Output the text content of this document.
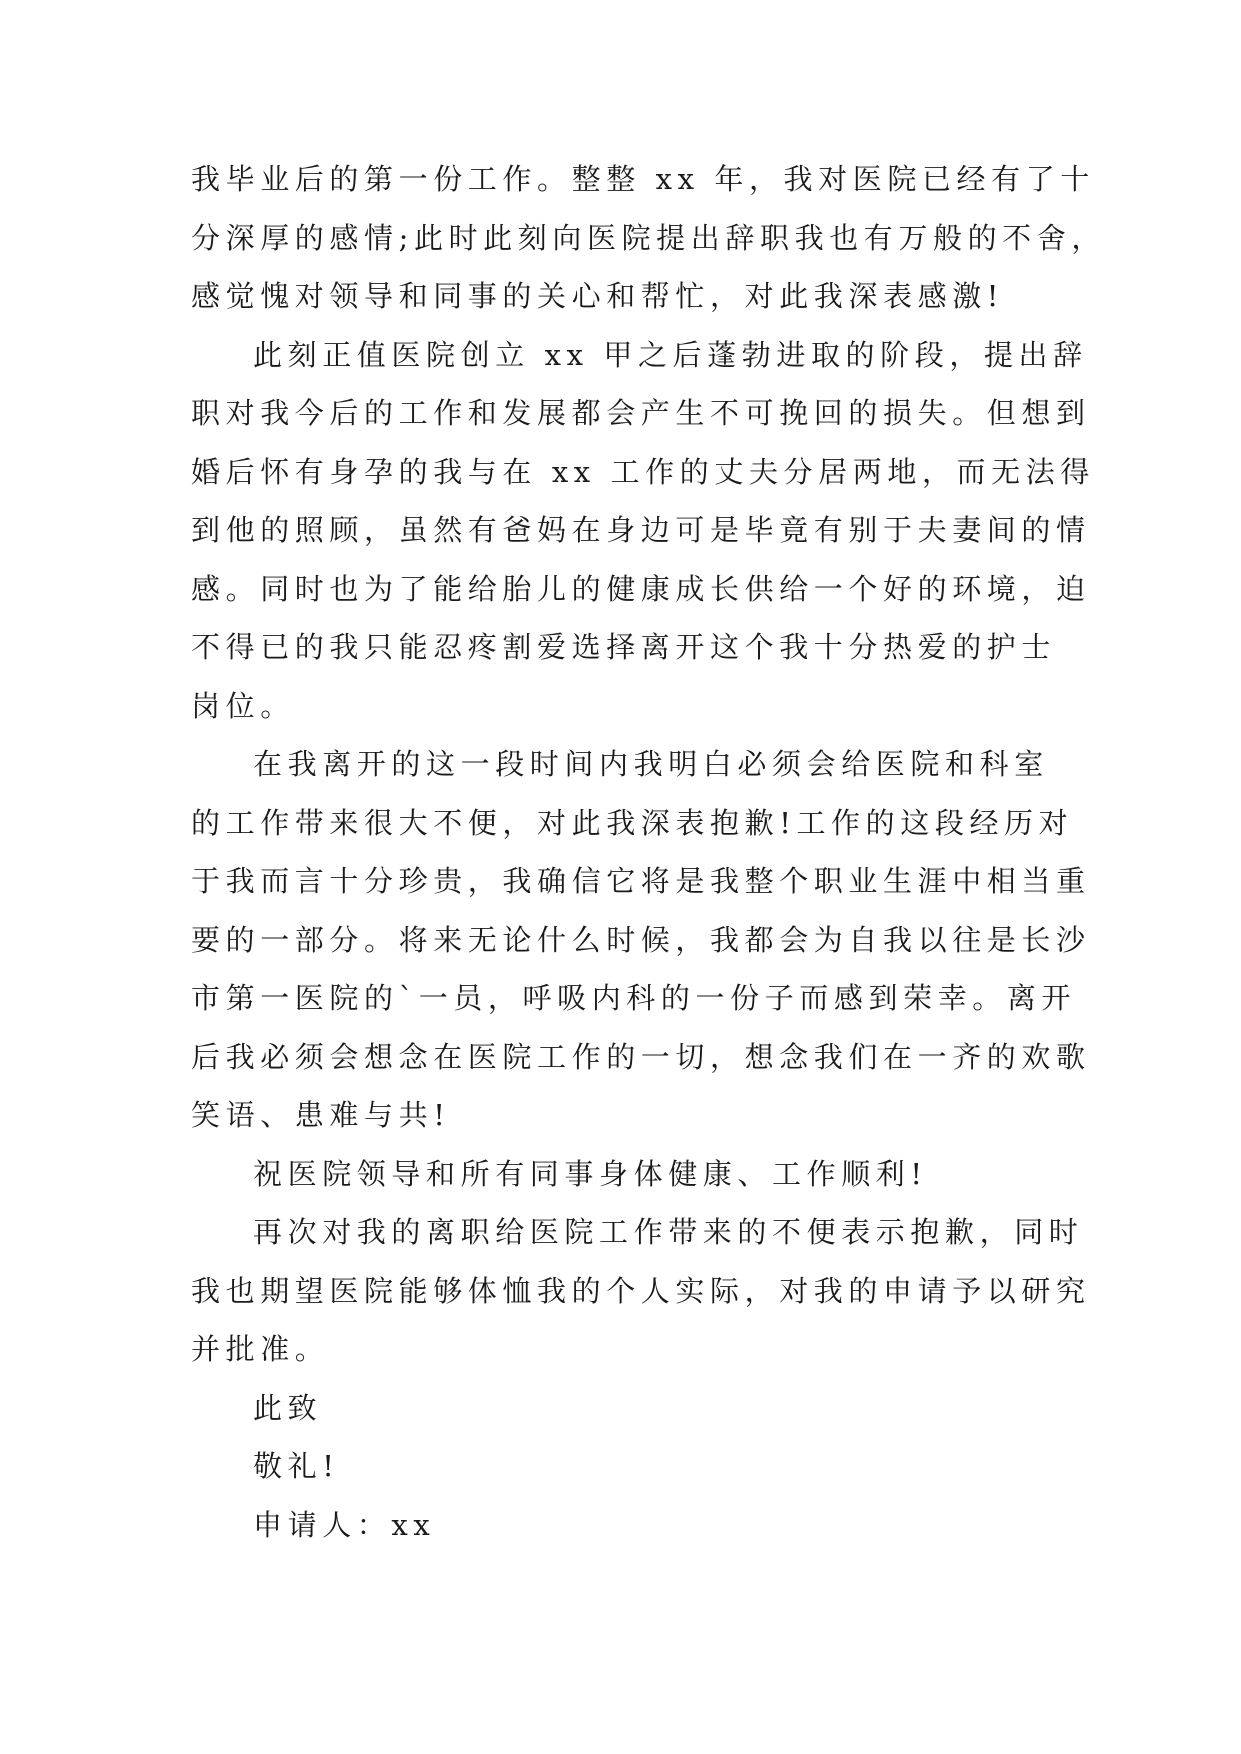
我毕业后的第一份工作。整整 xx 年，我对医院已经有了十
分深厚的感情;此时此刻向医院提出辞职我也有万般的不舍，
感觉愧对领导和同事的关心和帮忙，对此我深表感激!
此刻正值医院创立 xx 甲之后蓬勃进取的阶段，提出辞
职对我今后的工作和发展都会产生不可挽回的损失。但想到
婚后怀有身孕的我与在 xx 工作的丈夫分居两地，而无法得
到他的照顾，虽然有爸妈在身边可是毕竟有别于夫妻间的情
感。同时也为了能给胎儿的健康成长供给一个好的环境，迫
不得已的我只能忍疼割爱选择离开这个我十分热爱的护士
岗位。
在我离开的这一段时间内我明白必须会给医院和科室
的工作带来很大不便，对此我深表抱歉!工作的这段经历对
于我而言十分珍贵，我确信它将是我整个职业生涯中相当重
要的一部分。将来无论什么时候，我都会为自我以往是长沙
市第一医院的`一员，呼吸内科的一份子而感到荣幸。离开
后我必须会想念在医院工作的一切，想念我们在一齐的欢歌
笑语、患难与共!
祝医院领导和所有同事身体健康、工作顺利!
再次对我的离职给医院工作带来的不便表示抱歉，同时
我也期望医院能够体恤我的个人实际，对我的申请予以研究
并批准。
此致
敬礼!
申请人：xx
